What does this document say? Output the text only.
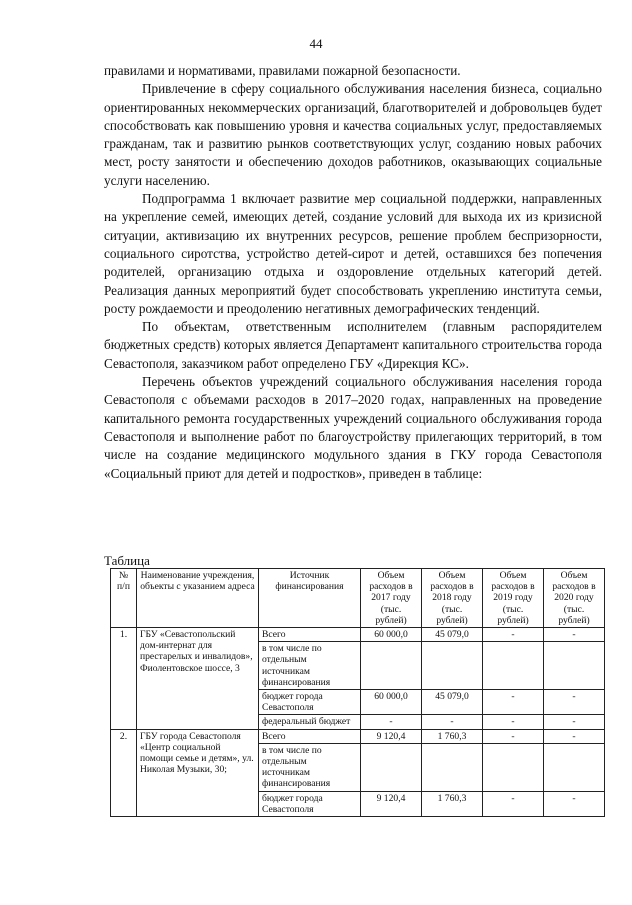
44

правилами и нормативами, правилами пожарной безопасности.

Привлечение в сферу социального обслуживания населения бизнеса, социально ориентированных некоммерческих организаций, благотворителей и добровольцев будет способствовать как повышению уровня и качества социальных услуг, предоставляемых гражданам, так и развитию рынков соответствующих услуг, созданию новых рабочих мест, росту занятости и обеспечению доходов работников, оказывающих социальные услуги населению.

Подпрограмма 1 включает развитие мер социальной поддержки, направленных на укрепление семей, имеющих детей, создание условий для выхода их из кризисной ситуации, активизацию их внутренних ресурсов, решение проблем беспризорности, социального сиротства, устройство детей-сирот и детей, оставшихся без попечения родителей, организацию отдыха и оздоровление отдельных категорий детей. Реализация данных мероприятий будет способствовать укреплению института семьи, росту рождаемости и преодолению негативных демографических тенденций.

По объектам, ответственным исполнителем (главным распорядителем бюджетных средств) которых является Департамент капитального строительства города Севастополя, заказчиком работ определено ГБУ «Дирекция КС».

Перечень объектов учреждений социального обслуживания населения города Севастополя с объемами расходов в 2017–2020 годах, направленных на проведение капитального ремонта государственных учреждений социального обслуживания города Севастополя и выполнение работ по благоустройству прилегающих территорий, в том числе на создание медицинского модульного здания в ГКУ города Севастополя «Социальный приют для детей и подростков», приведен в таблице:

Таблица
№ п/п	Наименование учреждения, объекты с указанием адреса	Источник финансирования	Объем расходов в 2017 году (тыс. рублей)	Объем расходов в 2018 году (тыс. рублей)	Объем расходов в 2019 году (тыс. рублей)	Объем расходов в 2020 году (тыс. рублей)
1.	ГБУ «Севастопольский дом-интернат для престарелых и инвалидов», Фиолентовское шоссе, 3	Всего	60 000,0	45 079,0	-	-
		в том числе по отдельным источникам финансирования				
		бюджет города Севастополя	60 000,0	45 079,0	-	-
		федеральный бюджет	-	-	-	-
2.	ГБУ города Севастополя «Центр социальной помощи семье и детям», ул. Николая Музыки, 30;	Всего	9 120,4	1 760,3	-	-
		в том числе по отдельным источникам финансирования				
		бюджет города Севастополя	9 120,4	1 760,3	-	-
